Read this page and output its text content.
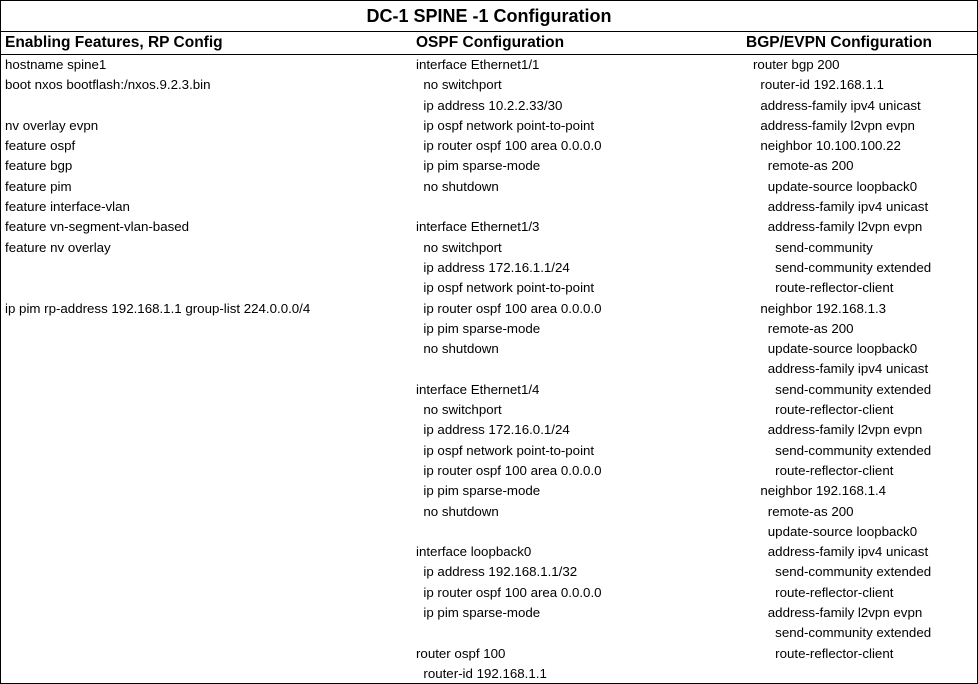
DC-1 SPINE -1 Configuration
Enabling Features, RP Config	OSPF Configuration	BGP/EVPN Configuration
hostname spine1
boot nxos bootflash:/nxos.9.2.3.bin
nv overlay evpn
feature ospf
feature bgp
feature pim
feature interface-vlan
feature vn-segment-vlan-based
feature nv overlay
ip pim rp-address 192.168.1.1 group-list 224.0.0.0/4
interface Ethernet1/1
no switchport
ip address 10.2.2.33/30
ip ospf network point-to-point
ip router ospf 100 area 0.0.0.0
ip pim sparse-mode
no shutdown
interface Ethernet1/3
no switchport
ip address 172.16.1.1/24
ip ospf network point-to-point
ip router ospf 100 area 0.0.0.0
ip pim sparse-mode
no shutdown
interface Ethernet1/4
no switchport
ip address 172.16.0.1/24
ip ospf network point-to-point
ip router ospf 100 area 0.0.0.0
ip pim sparse-mode
no shutdown
interface loopback0
ip address 192.168.1.1/32
ip router ospf 100 area 0.0.0.0
ip pim sparse-mode
router ospf 100
router-id 192.168.1.1
router bgp 200
router-id 192.168.1.1
address-family ipv4 unicast
address-family l2vpn evpn
neighbor 10.100.100.22
remote-as 200
update-source loopback0
address-family ipv4 unicast
address-family l2vpn evpn
send-community
send-community extended
route-reflector-client
neighbor 192.168.1.3
remote-as 200
update-source loopback0
address-family ipv4 unicast
send-community extended
route-reflector-client
address-family l2vpn evpn
send-community extended
route-reflector-client
neighbor 192.168.1.4
remote-as 200
update-source loopback0
address-family ipv4 unicast
send-community extended
route-reflector-client
address-family l2vpn evpn
send-community extended
route-reflector-client
